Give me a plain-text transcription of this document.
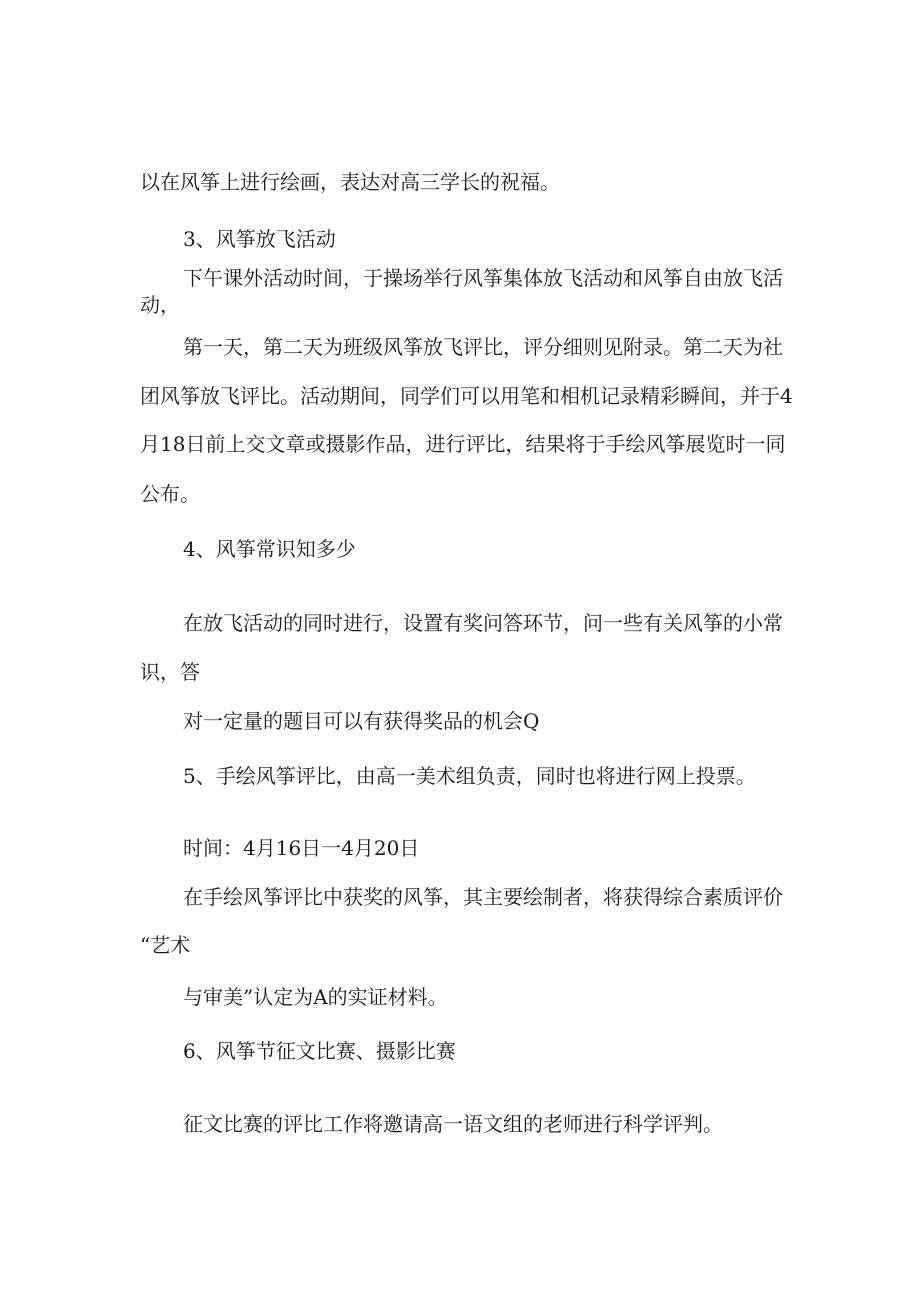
以在风筝上进行绘画，表达对高三学长的祝福。
3、风筝放飞活动
下午课外活动时间，于操场举行风筝集体放飞活动和风筝自由放飞活
动，
第一天，第二天为班级风筝放飞评比，评分细则见附录。第二天为社
团风筝放飞评比。活动期间，同学们可以用笔和相机记录精彩瞬间，并于4
月18日前上交文章或摄影作品，进行评比，结果将于手绘风筝展览时一同
公布。
4、风筝常识知多少
在放飞活动的同时进行，设置有奖问答环节，问一些有关风筝的小常
识，答
对一定量的题目可以有获得奖品的机会Q
5、手绘风筝评比，由高一美术组负责，同时也将进行网上投票。
时间：4月16日一4月20日
在手绘风筝评比中获奖的风筝，其主要绘制者，将获得综合素质评价
“艺术
与审美”认定为A的实证材料。
6、风筝节征文比赛、摄影比赛
征文比赛的评比工作将邀请高一语文组的老师进行科学评判。
